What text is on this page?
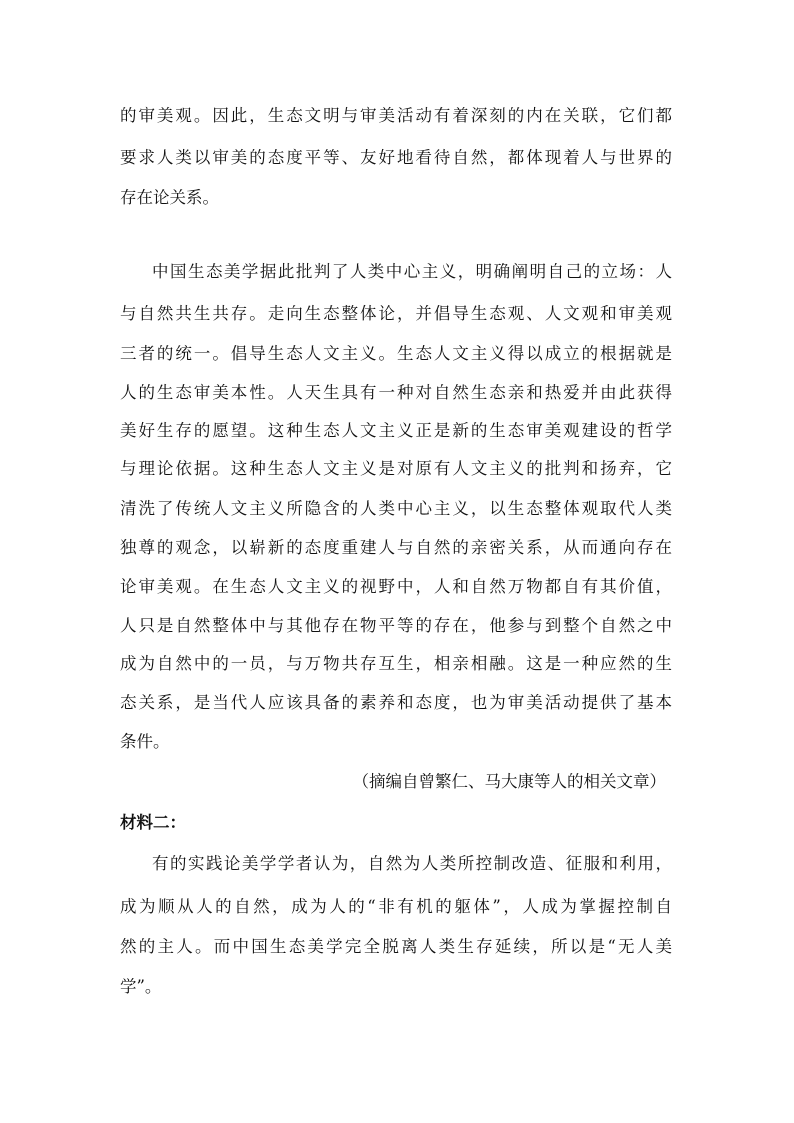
的审美观。因此，生态文明与审美活动有着深刻的内在关联，它们都
要求人类以审美的态度平等、友好地看待自然，都体现着人与世界的
存在论关系。
中国生态美学据此批判了人类中心主义，明确阐明自己的立场：人
与自然共生共存。走向生态整体论，并倡导生态观、人文观和审美观
三者的统一。倡导生态人文主义。生态人文主义得以成立的根据就是
人的生态审美本性。人天生具有一种对自然生态亲和热爱并由此获得
美好生存的愿望。这种生态人文主义正是新的生态审美观建设的哲学
与理论依据。这种生态人文主义是对原有人文主义的批判和扬弃，它
清洗了传统人文主义所隐含的人类中心主义，以生态整体观取代人类
独尊的观念，以崭新的态度重建人与自然的亲密关系，从而通向存在
论审美观。在生态人文主义的视野中，人和自然万物都自有其价值，
人只是自然整体中与其他存在物平等的存在，他参与到整个自然之中
成为自然中的一员，与万物共存互生，相亲相融。这是一种应然的生
态关系，是当代人应该具备的素养和态度，也为审美活动提供了基本
条件。
（摘编自曾繁仁、马大康等人的相关文章）
材料二：
有的实践论美学学者认为，自然为人类所控制改造、征服和利用，
成为顺从人的自然，成为人的“非有机的躯体”，人成为掌握控制自
然的主人。而中国生态美学完全脱离人类生存延续，所以是“无人美
学”。
